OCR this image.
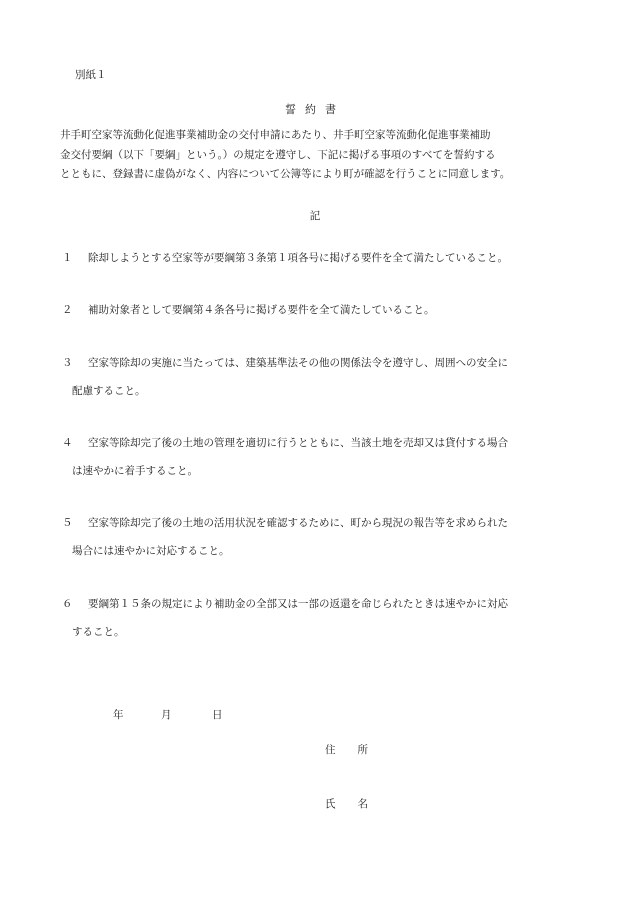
別紙１
誓約書

井手町空家等流動化促進事業補助金の交付申請にあたり、井手町空家等流動化促進事業補助

金交付要綱（以下「要綱」という。）の規定を遵守し、下記に掲げる事項のすべてを誓約する

とともに、登録書に虚偽がなく、内容について公簿等により町が確認を行うことに同意します。

記
１ 除却しようとする空家等が要綱第３条第１項各号に掲げる要件を全て満たしていること。
２ 補助対象者として要綱第４条各号に掲げる要件を全て満たしていること。
３ 空家等除却の実施に当たっては、建築基準法その他の関係法令を遵守し、周囲への安全に
配慮すること。
４ 空家等除却完了後の土地の管理を適切に行うとともに、当該土地を売却又は貸付する場合
は速やかに着手すること。
５ 空家等除却完了後の土地の活用状況を確認するために、町から現況の報告等を求められた
場合には速やかに対応すること。
６ 要綱第１５条の規定により補助金の全部又は一部の返還を命じられたときは速やかに対応
すること。
年	月	日
住所
氏名
